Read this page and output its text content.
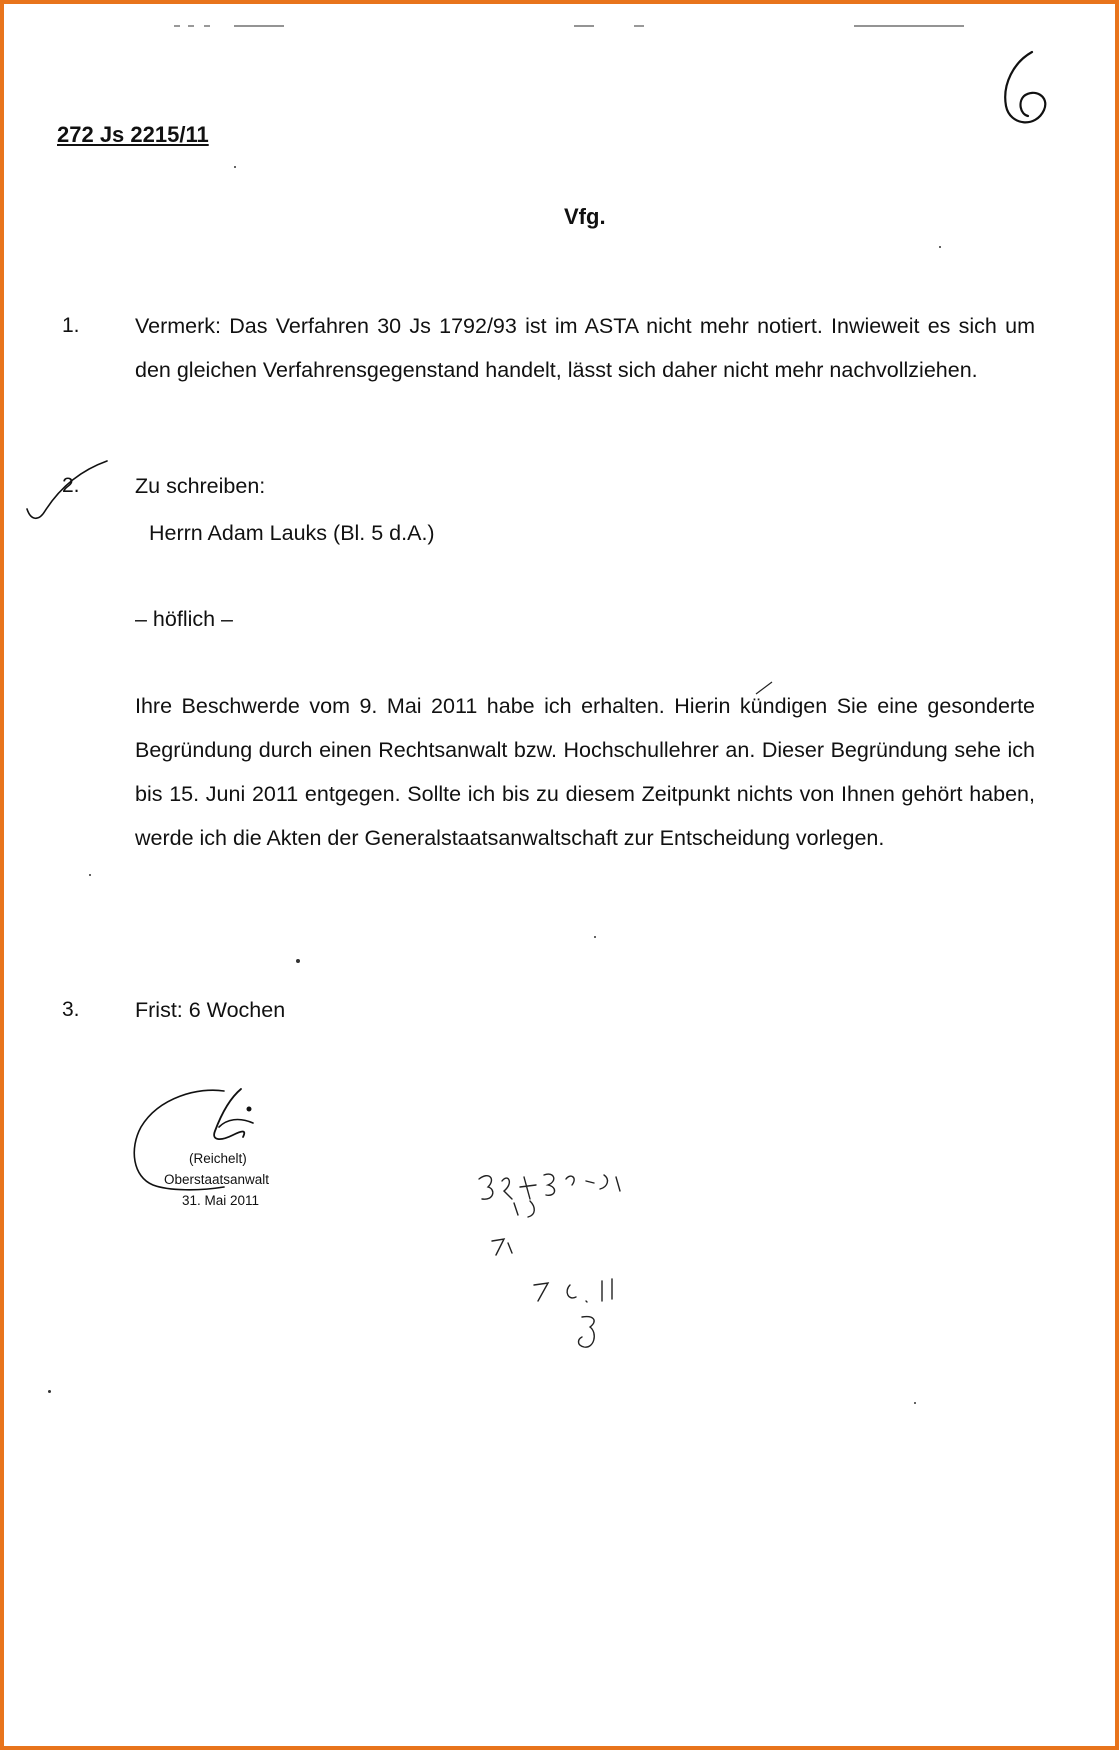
272 Js 2215/11
Vfg.
1.	Vermerk: Das Verfahren 30 Js 1792/93 ist im ASTA nicht mehr notiert. Inwieweit es sich um den gleichen Verfahrensgegenstand handelt, lässt sich daher nicht mehr nachvollziehen.
2.	Zu schreiben:
Herrn Adam Lauks (Bl. 5 d.A.)
– höflich –
Ihre Beschwerde vom 9. Mai 2011 habe ich erhalten. Hierin kündigen Sie eine gesonderte Begründung durch einen Rechtsanwalt bzw. Hochschullehrer an. Dieser Begründung sehe ich bis 15. Juni 2011 entgegen. Sollte ich bis zu diesem Zeitpunkt nichts von Ihnen gehört haben, werde ich die Akten der Generalstaatsanwaltschaft zur Entscheidung vorlegen.
3.	Frist: 6 Wochen
(Reichelt)
Oberstaatsanwalt
31. Mai 2011
